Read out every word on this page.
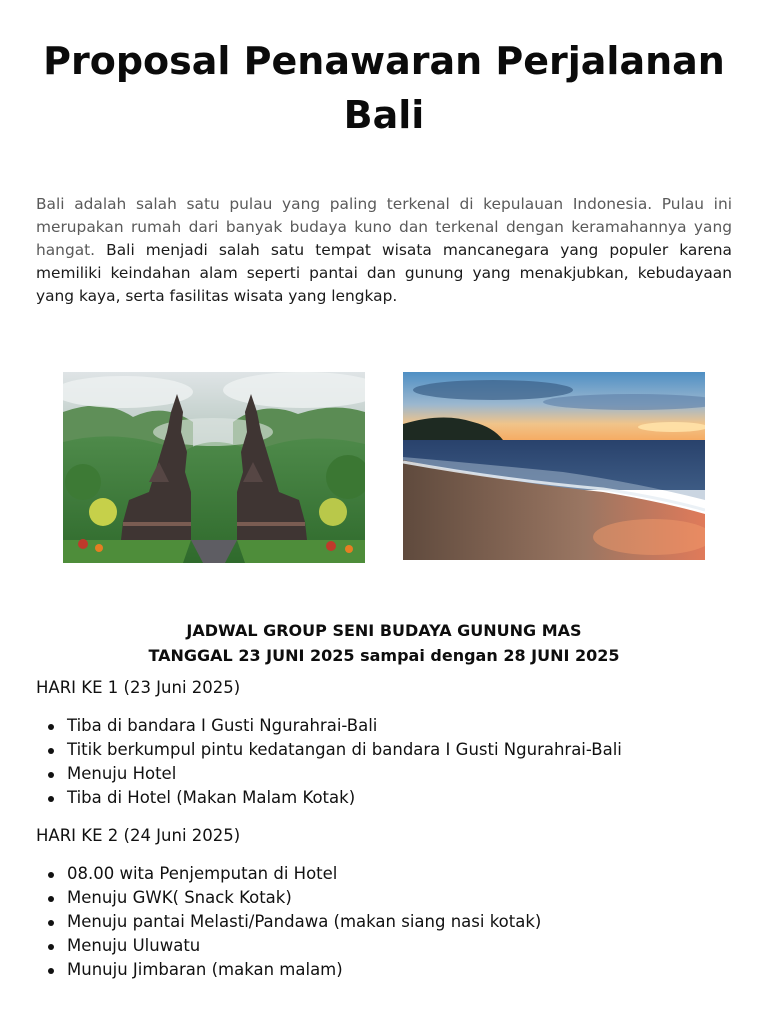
Proposal Penawaran Perjalanan Bali

Bali adalah salah satu pulau yang paling terkenal di kepulauan Indonesia. Pulau ini merupakan rumah dari banyak budaya kuno dan terkenal dengan keramahannya yang hangat. Bali menjadi salah satu tempat wisata mancanegara yang populer karena memiliki keindahan alam seperti pantai dan gunung yang menakjubkan, kebudayaan yang kaya, serta fasilitas wisata yang lengkap.

JADWAL GROUP SENI BUDAYA GUNUNG MAS

TANGGAL 23 JUNI 2025 sampai dengan 28 JUNI 2025

HARI KE 1 (23 Juni 2025)

Tiba di bandara I Gusti Ngurahrai-Bali
Titik berkumpul pintu kedatangan di bandara I Gusti Ngurahrai-Bali
Menuju Hotel
Tiba di Hotel (Makan Malam Kotak)

HARI KE 2 (24 Juni 2025)

08.00 wita Penjemputan di Hotel
Menuju GWK( Snack Kotak)
Menuju pantai Melasti/Pandawa (makan siang nasi kotak)
Menuju Uluwatu
Munuju Jimbaran (makan malam)
